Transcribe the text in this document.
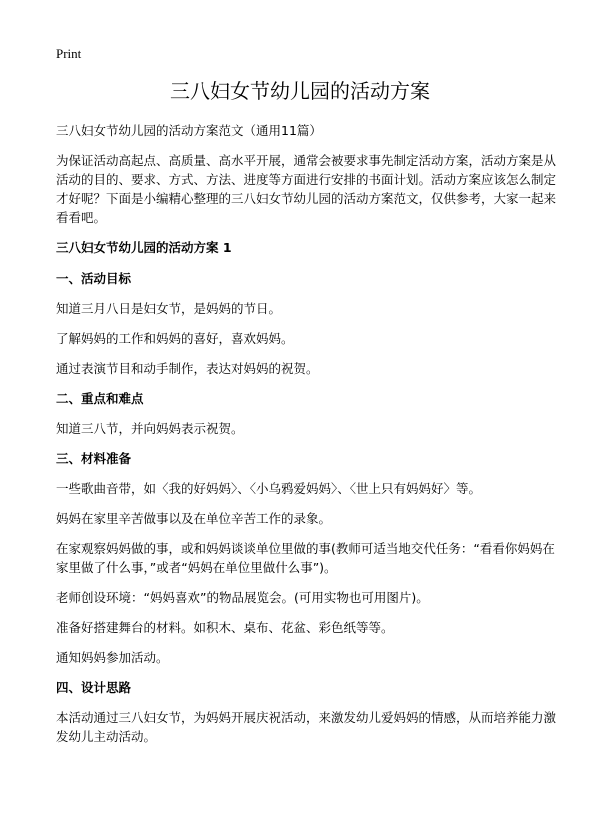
Print
三八妇女节幼儿园的活动方案

三八妇女节幼儿园的活动方案范文（通用11篇）

为保证活动高起点、高质量、高水平开展，通常会被要求事先制定活动方案，活动方案是从活动的目的、要求、方式、方法、进度等方面进行安排的书面计划。活动方案应该怎么制定才好呢？下面是小编精心整理的三八妇女节幼儿园的活动方案范文，仅供参考，大家一起来看看吧。

三八妇女节幼儿园的活动方案 1
一、活动目标

知道三月八日是妇女节，是妈妈的节日。

了解妈妈的工作和妈妈的喜好，喜欢妈妈。

通过表演节目和动手制作，表达对妈妈的祝贺。

二、重点和难点

知道三八节，并向妈妈表示祝贺。

三、材料准备

一些歌曲音带，如〈我的好妈妈〉、〈小乌鸦爱妈妈〉、〈世上只有妈妈好〉等。

妈妈在家里辛苦做事以及在单位辛苦工作的录象。

在家观察妈妈做的事，或和妈妈谈谈单位里做的事(教师可适当地交代任务：“看看你妈妈在家里做了什么事，”或者“妈妈在单位里做什么事”)。

老师创设环境：“妈妈喜欢”的物品展览会。(可用实物也可用图片)。

准备好搭建舞台的材料。如积木、桌布、花盆、彩色纸等等。

通知妈妈参加活动。

四、设计思路

本活动通过三八妇女节，为妈妈开展庆祝活动，来激发幼儿爱妈妈的情感，从而培养能力激发幼儿主动活动。
